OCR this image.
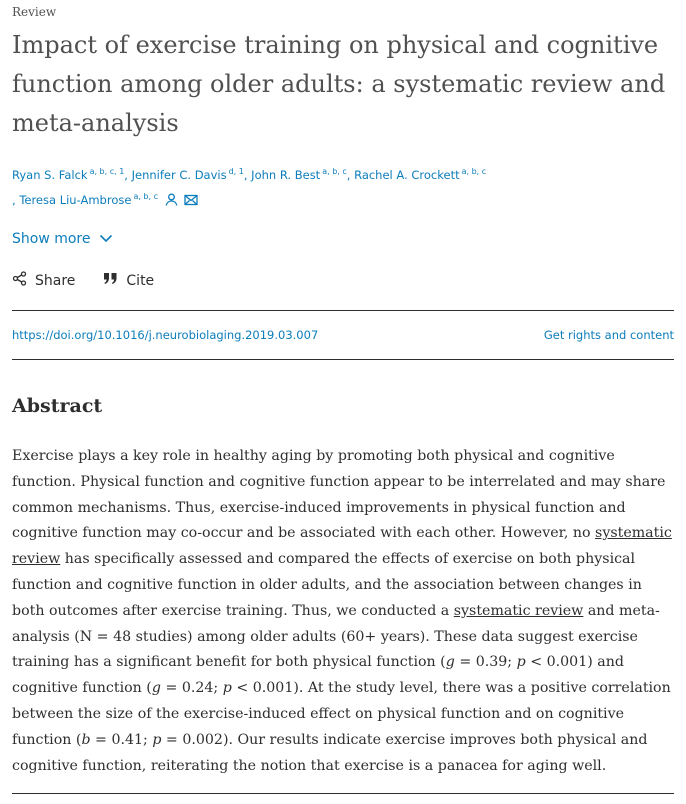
Review

Impact of exercise training on physical and cognitive function among older adults: a systematic review and meta-analysis
Ryan S. Falck $^{a, b, c, 1}$, Jennifer C. Davis $^{d, 1}$, John R. Best $^{a, b, c}$, Rachel A. Crockett $^{a, b, c}$
, Teresa Liu-Ambrose $^{a, b, c}$
Show more
Share	Cite
https://doi.org/10.1016/j.neurobiolaging.2019.03.007	Get rights and content
Abstract

Exercise plays a key role in healthy aging by promoting both physical and cognitive function. Physical function and cognitive function appear to be interrelated and may share common mechanisms. Thus, exercise-induced improvements in physical function and cognitive function may co-occur and be associated with each other. However, no systematic review has specifically assessed and compared the effects of exercise on both physical function and cognitive function in older adults, and the association between changes in both outcomes after exercise training. Thus, we conducted a systematic review and meta-analysis (N = 48 studies) among older adults (60+ years). These data suggest exercise training has a significant benefit for both physical function (g = 0.39; p < 0.001) and cognitive function (g = 0.24; p < 0.001). At the study level, there was a positive correlation between the size of the exercise-induced effect on physical function and on cognitive function (b = 0.41; p = 0.002). Our results indicate exercise improves both physical and cognitive function, reiterating the notion that exercise is a panacea for aging well.
